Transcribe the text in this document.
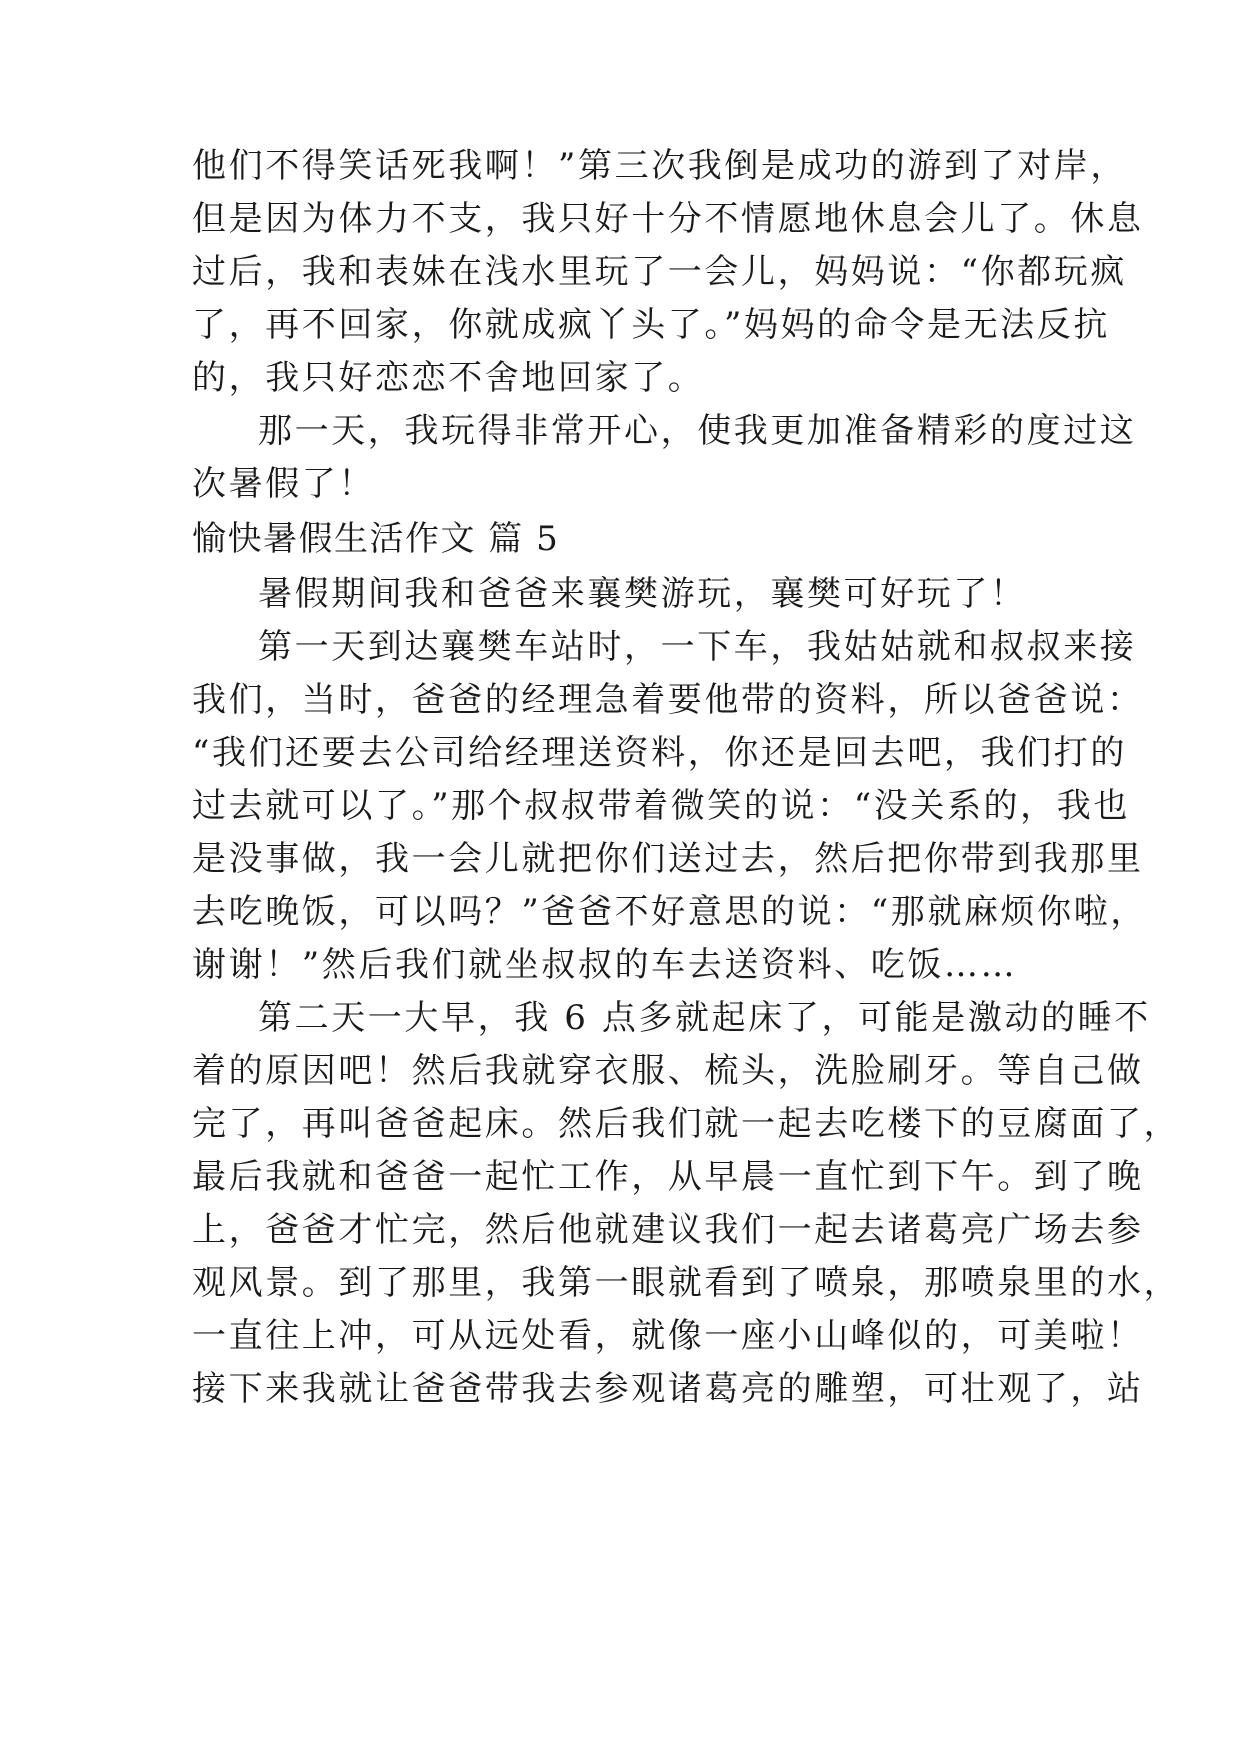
他们不得笑话死我啊！”第三次我倒是成功的游到了对岸，
但是因为体力不支，我只好十分不情愿地休息会儿了。休息
过后，我和表妹在浅水里玩了一会儿，妈妈说：“你都玩疯
了，再不回家，你就成疯丫头了。”妈妈的命令是无法反抗
的，我只好恋恋不舍地回家了。
那一天，我玩得非常开心，使我更加准备精彩的度过这
次暑假了！
愉快暑假生活作文 篇 5
暑假期间我和爸爸来襄樊游玩，襄樊可好玩了！
第一天到达襄樊车站时，一下车，我姑姑就和叔叔来接
我们，当时，爸爸的经理急着要他带的资料，所以爸爸说：
“我们还要去公司给经理送资料，你还是回去吧，我们打的
过去就可以了。”那个叔叔带着微笑的说：“没关系的，我也
是没事做，我一会儿就把你们送过去，然后把你带到我那里
去吃晚饭，可以吗？”爸爸不好意思的说：“那就麻烦你啦，
谢谢！”然后我们就坐叔叔的车去送资料、吃饭……
第二天一大早，我 6 点多就起床了，可能是激动的睡不
着的原因吧！然后我就穿衣服、梳头，洗脸刷牙。等自己做
完了，再叫爸爸起床。然后我们就一起去吃楼下的豆腐面了，
最后我就和爸爸一起忙工作，从早晨一直忙到下午。到了晚
上，爸爸才忙完，然后他就建议我们一起去诸葛亮广场去参
观风景。到了那里，我第一眼就看到了喷泉，那喷泉里的水，
一直往上冲，可从远处看，就像一座小山峰似的，可美啦！
接下来我就让爸爸带我去参观诸葛亮的雕塑，可壮观了，站
